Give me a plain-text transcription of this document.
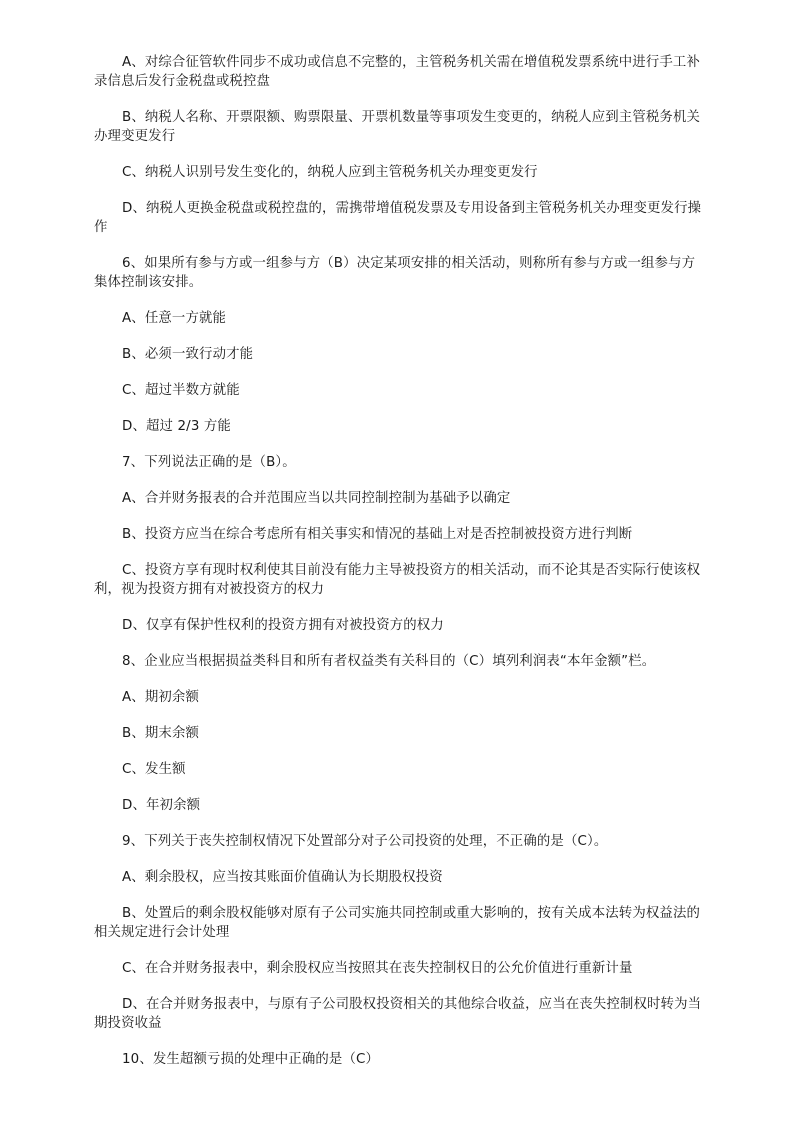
A、对综合征管软件同步不成功或信息不完整的，主管税务机关需在增值税发票系统中进行手工补录信息后发行金税盘或税控盘

B、纳税人名称、开票限额、购票限量、开票机数量等事项发生变更的，纳税人应到主管税务机关办理变更发行

C、纳税人识别号发生变化的，纳税人应到主管税务机关办理变更发行

D、纳税人更换金税盘或税控盘的，需携带增值税发票及专用设备到主管税务机关办理变更发行操作

6、如果所有参与方或一组参与方（B）决定某项安排的相关活动，则称所有参与方或一组参与方集体控制该安排。

A、任意一方就能

B、必须一致行动才能

C、超过半数方就能

D、超过 2/3 方能

7、下列说法正确的是（B）。

A、合并财务报表的合并范围应当以共同控制控制为基础予以确定

B、投资方应当在综合考虑所有相关事实和情况的基础上对是否控制被投资方进行判断

C、投资方享有现时权利使其目前没有能力主导被投资方的相关活动，而不论其是否实际行使该权利，视为投资方拥有对被投资方的权力

D、仅享有保护性权利的投资方拥有对被投资方的权力

8、企业应当根据损益类科目和所有者权益类有关科目的（C）填列利润表“本年金额”栏。

A、期初余额

B、期末余额

C、发生额

D、年初余额

9、下列关于丧失控制权情况下处置部分对子公司投资的处理，不正确的是（C）。

A、剩余股权，应当按其账面价值确认为长期股权投资

B、处置后的剩余股权能够对原有子公司实施共同控制或重大影响的，按有关成本法转为权益法的相关规定进行会计处理

C、在合并财务报表中，剩余股权应当按照其在丧失控制权日的公允价值进行重新计量

D、在合并财务报表中，与原有子公司股权投资相关的其他综合收益，应当在丧失控制权时转为当期投资收益

10、发生超额亏损的处理中正确的是（C）
